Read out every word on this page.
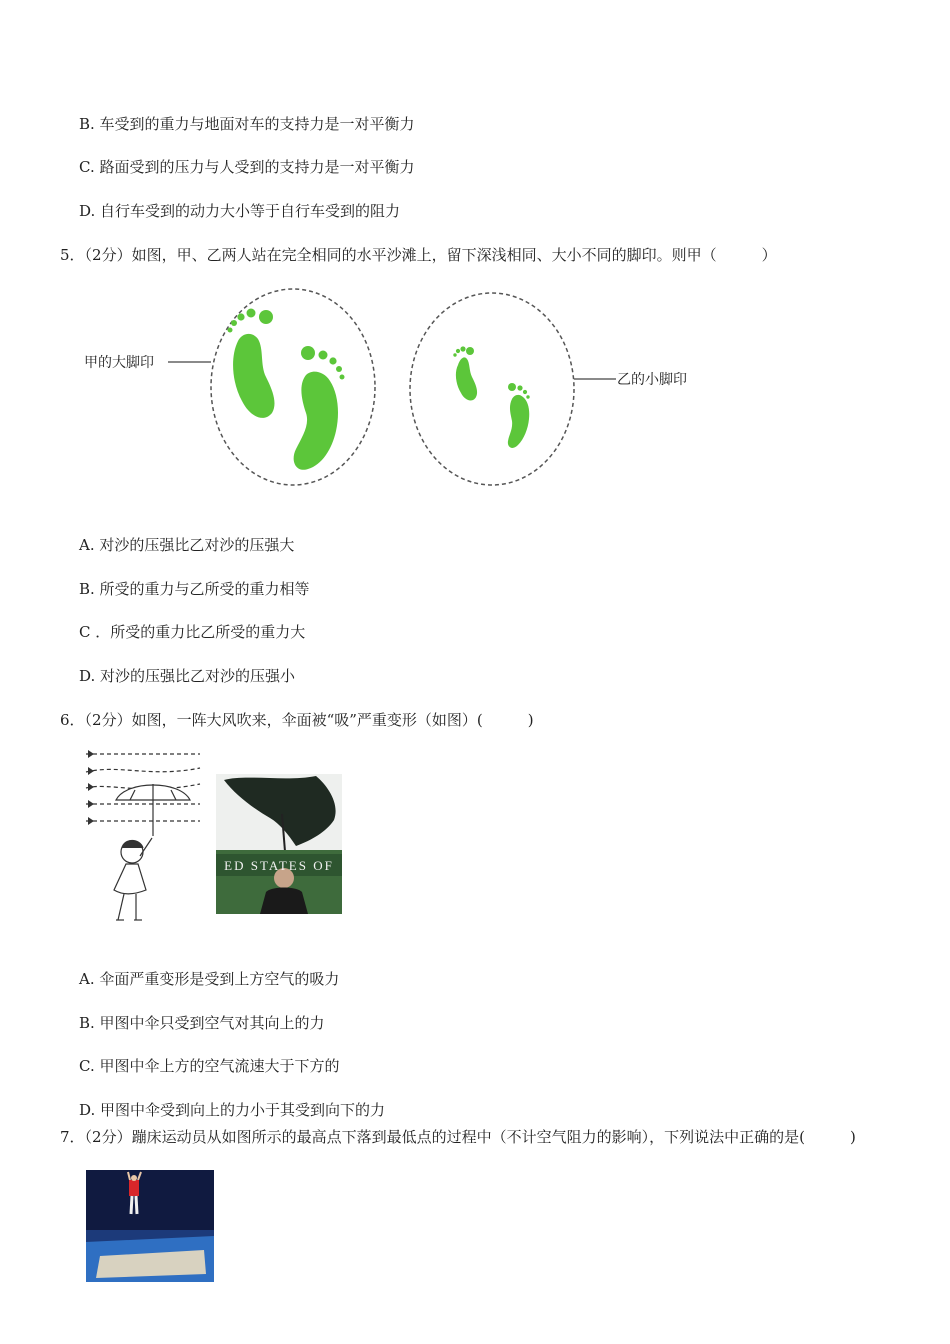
B. 车受到的重力与地面对车的支持力是一对平衡力
C. 路面受到的压力与人受到的支持力是一对平衡力
D. 自行车受到的动力大小等于自行车受到的阻力
5．（2分）如图，甲、乙两人站在完全相同的水平沙滩上，留下深浅相同、大小不同的脚印。则甲（　　　）
甲的大脚印
乙的小脚印
A. 对沙的压强比乙对沙的压强大
B. 所受的重力与乙所受的重力相等
C ．所受的重力比乙所受的重力大
D. 对沙的压强比乙对沙的压强小
6．（2分）如图，一阵大风吹来，伞面被“吸”严重变形（如图）(　　　)
ED STATES OF
A. 伞面严重变形是受到上方空气的吸力
B. 甲图中伞只受到空气对其向上的力
C. 甲图中伞上方的空气流速大于下方的
D. 甲图中伞受到向上的力小于其受到向下的力
7．（2分）蹦床运动员从如图所示的最高点下落到最低点的过程中（不计空气阻力的影响），下列说法中正确的是(　　　)
